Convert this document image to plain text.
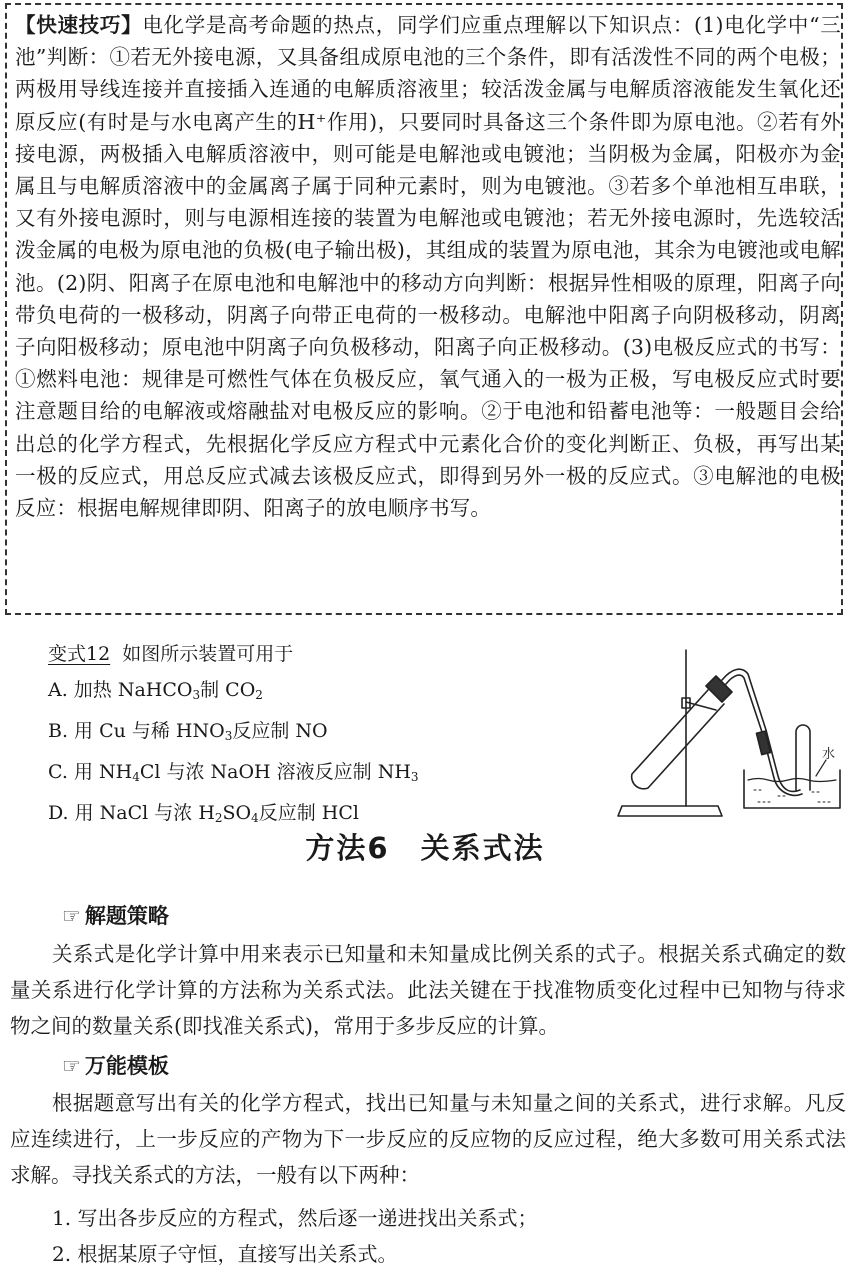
【快速技巧】电化学是高考命题的热点，同学们应重点理解以下知识点：(1)电化学中“三池”判断：①若无外接电源，又具备组成原电池的三个条件，即有活泼性不同的两个电极；两极用导线连接并直接插入连通的电解质溶液里；较活泼金属与电解质溶液能发生氧化还原反应(有时是与水电离产生的H⁺作用)，只要同时具备这三个条件即为原电池。②若有外接电源，两极插入电解质溶液中，则可能是电解池或电镀池；当阴极为金属，阳极亦为金属且与电解质溶液中的金属离子属于同种元素时，则为电镀池。③若多个单池相互串联，又有外接电源时，则与电源相连接的装置为电解池或电镀池；若无外接电源时，先选较活泼金属的电极为原电池的负极(电子输出极)，其组成的装置为原电池，其余为电镀池或电解池。(2)阴、阳离子在原电池和电解池中的移动方向判断：根据异性相吸的原理，阳离子向带负电荷的一极移动，阴离子向带正电荷的一极移动。电解池中阳离子向阴极移动，阴离子向阳极移动；原电池中阴离子向负极移动，阳离子向正极移动。(3)电极反应式的书写：①燃料电池：规律是可燃性气体在负极反应，氧气通入的一极为正极，写电极反应式时要注意题目给的电解液或熔融盐对电极反应的影响。②于电池和铅蓄电池等：一般题目会给出总的化学方程式，先根据化学反应方程式中元素化合价的变化判断正、负极，再写出某一极的反应式，用总反应式减去该极反应式，即得到另外一极的反应式。③电解池的电极反应：根据电解规律即阴、阳离子的放电顺序书写。
变式12 如图所示装置可用于
A. 加热 NaHCO$_3$制 $CO_2$
B. 用 Cu 与稀 $HNO_3$反应制 NO
C. 用 $NH_4Cl$ 与浓 NaOH 溶液反应制 $NH_3$
D. 用 NaCl 与浓 $H_2SO_4$反应制 HCl
水
方法6　关系式法
☞ 解题策略
关系式是化学计算中用来表示已知量和未知量成比例关系的式子。根据关系式确定的数量关系进行化学计算的方法称为关系式法。此法关键在于找准物质变化过程中已知物与待求物之间的数量关系(即找准关系式)，常用于多步反应的计算。
☞ 万能模板
根据题意写出有关的化学方程式，找出已知量与未知量之间的关系式，进行求解。凡反应连续进行，上一步反应的产物为下一步反应的反应物的反应过程，绝大多数可用关系式法求解。寻找关系式的方法，一般有以下两种：
1. 写出各步反应的方程式，然后逐一递进找出关系式；
2. 根据某原子守恒，直接写出关系式。
